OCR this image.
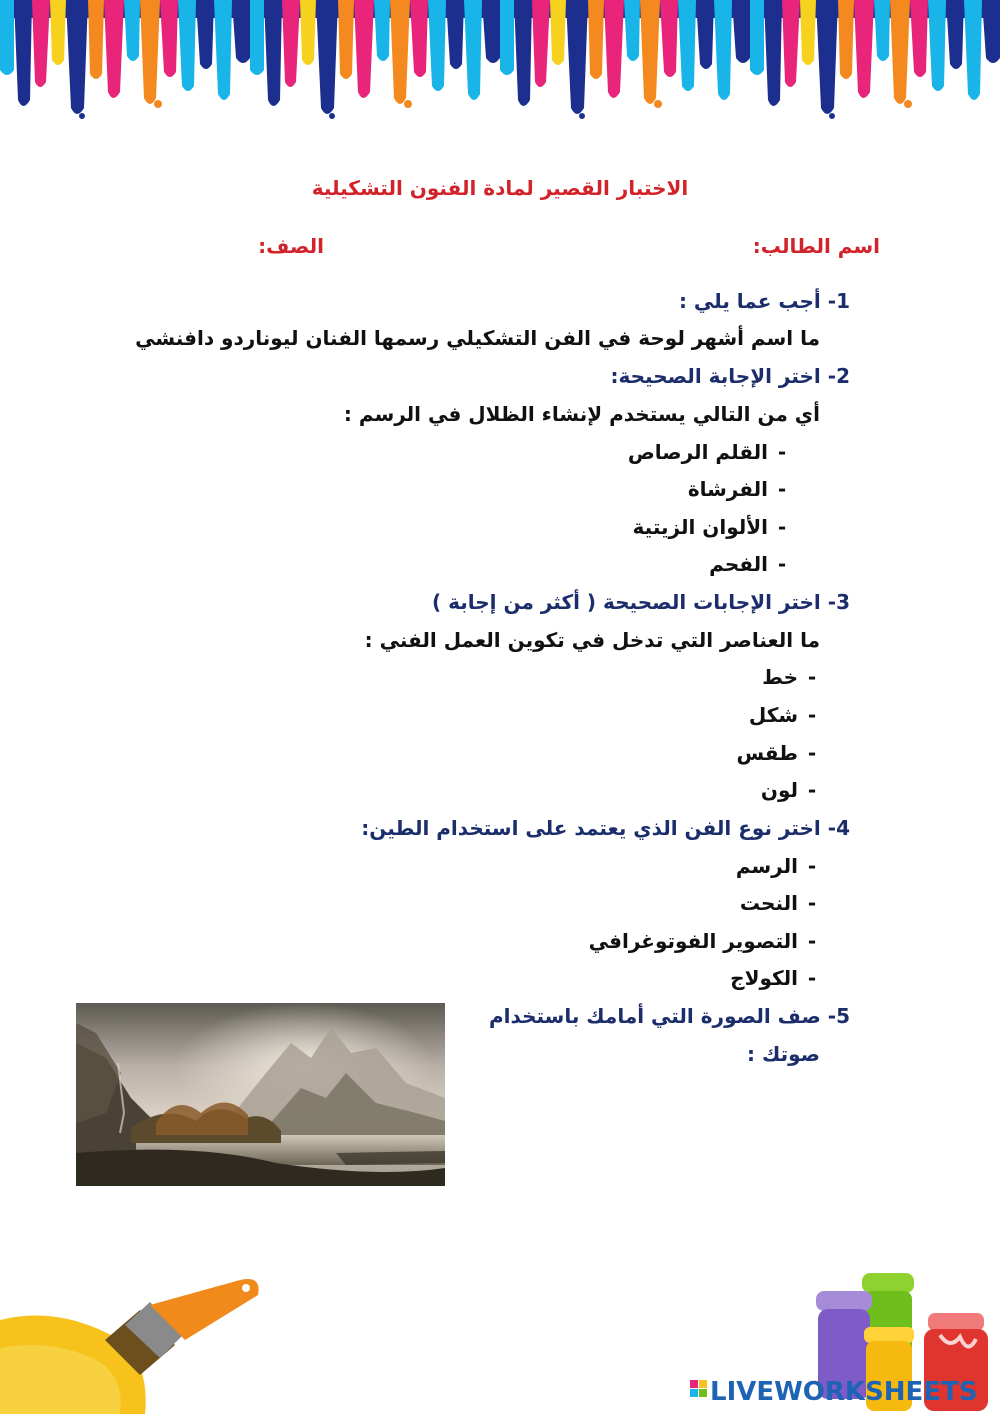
الاختبار القصير لمادة الفنون التشكيلية
اسم الطالب:
الصف:
1- أجب عما يلي :
ما اسم أشهر لوحة في الفن التشكيلي رسمها الفنان ليوناردو دافنشي
2- اختر الإجابة الصحيحة:
أي من التالي يستخدم لإنشاء الظلال في الرسم :
-القلم الرصاص
-الفرشاة
-الألوان الزيتية
-الفحم
3- اختر الإجابات الصحيحة ( أكثر من إجابة )
ما العناصر التي تدخل في تكوين العمل الفني :
-خط
-شكل
-طقس
-لون
4- اختر نوع الفن الذي يعتمد على استخدام الطين:
-الرسم
-النحت
-التصوير الفوتوغرافي
-الكولاج
5- صف الصورة التي أمامك باستخدام
صوتك :
LIVEWORKSHEETS
